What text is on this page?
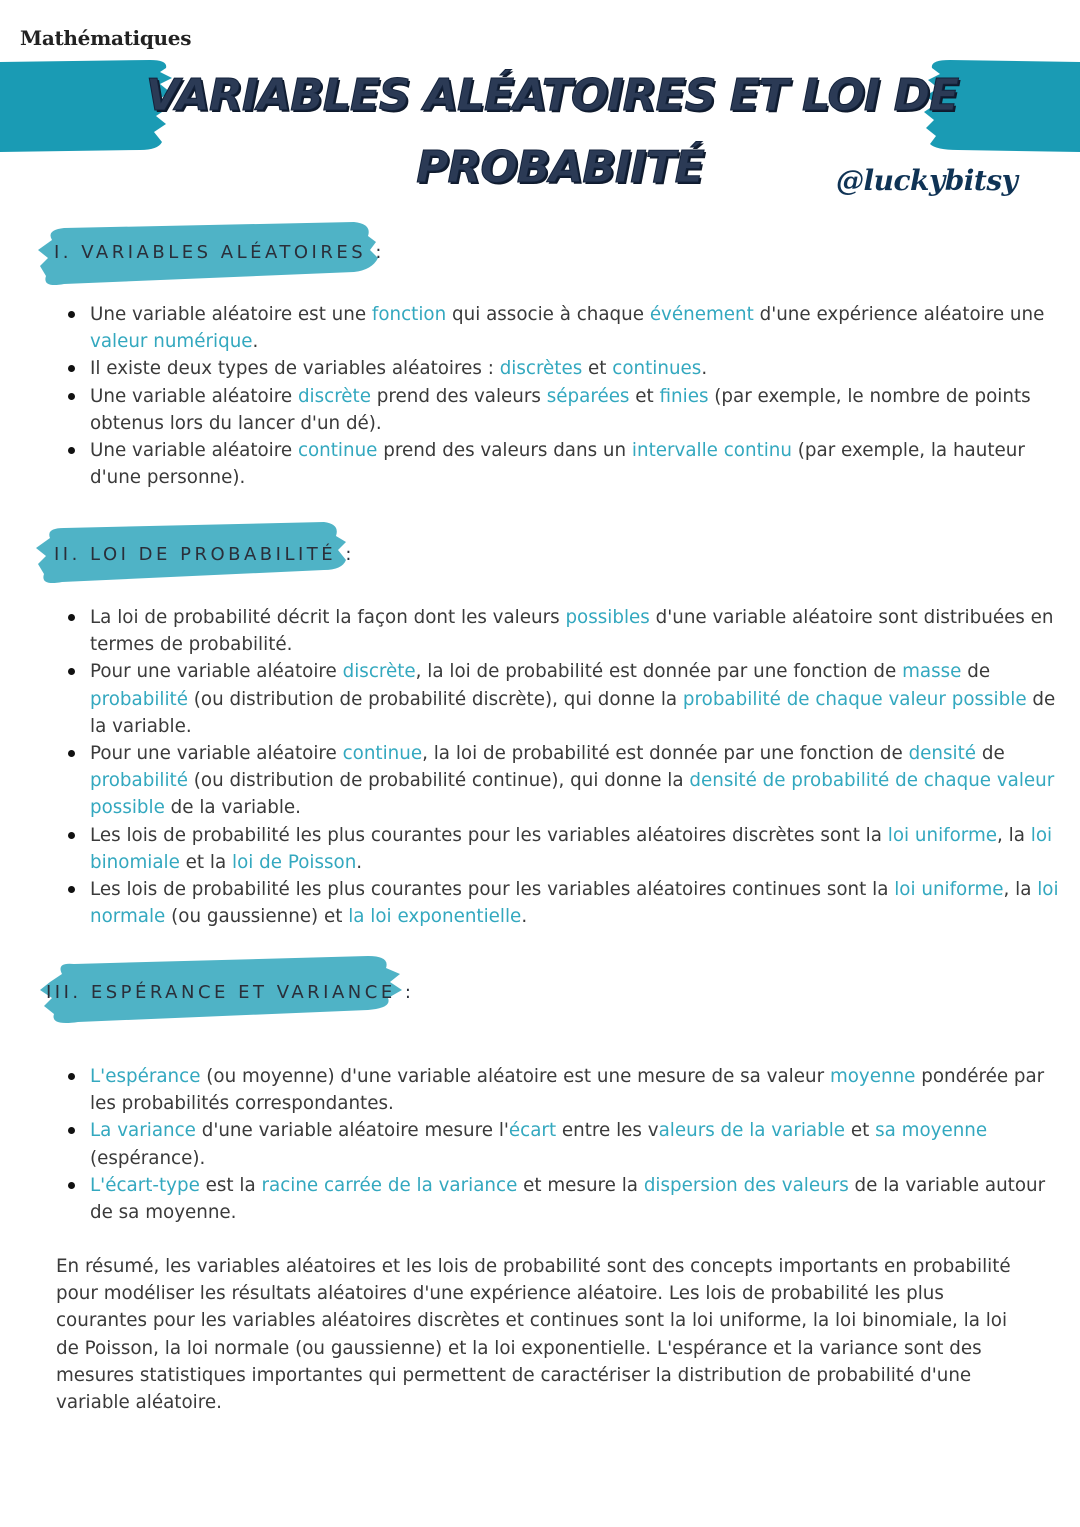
Mathématiques
VARIABLES ALÉATOIRES ET LOI DE
PROBABIITÉ	@luckybitsy
I. VARIABLES ALÉATOIRES :
Une variable aléatoire est une fonction qui associe à chaque événement d'une expérience aléatoire une valeur numérique.
Il existe deux types de variables aléatoires : discrètes et continues.
Une variable aléatoire discrète prend des valeurs séparées et finies (par exemple, le nombre de points obtenus lors du lancer d'un dé).
Une variable aléatoire continue prend des valeurs dans un intervalle continu (par exemple, la hauteur d'une personne).
II. LOI DE PROBABILITÉ :
La loi de probabilité décrit la façon dont les valeurs possibles d'une variable aléatoire sont distribuées en termes de probabilité.
Pour une variable aléatoire discrète, la loi de probabilité est donnée par une fonction de masse de probabilité (ou distribution de probabilité discrète), qui donne la probabilité de chaque valeur possible de la variable.
Pour une variable aléatoire continue, la loi de probabilité est donnée par une fonction de densité de probabilité (ou distribution de probabilité continue), qui donne la densité de probabilité de chaque valeur possible de la variable.
Les lois de probabilité les plus courantes pour les variables aléatoires discrètes sont la loi uniforme, la loi binomiale et la loi de Poisson.
Les lois de probabilité les plus courantes pour les variables aléatoires continues sont la loi uniforme, la loi normale (ou gaussienne) et la loi exponentielle.
III. ESPÉRANCE ET VARIANCE :
L'espérance (ou moyenne) d'une variable aléatoire est une mesure de sa valeur moyenne pondérée par les probabilités correspondantes.
La variance d'une variable aléatoire mesure l'écart entre les valeurs de la variable et sa moyenne (espérance).
L'écart-type est la racine carrée de la variance et mesure la dispersion des valeurs de la variable autour de sa moyenne.

En résumé, les variables aléatoires et les lois de probabilité sont des concepts importants en probabilité pour modéliser les résultats aléatoires d'une expérience aléatoire. Les lois de probabilité les plus courantes pour les variables aléatoires discrètes et continues sont la loi uniforme, la loi binomiale, la loi de Poisson, la loi normale (ou gaussienne) et la loi exponentielle. L'espérance et la variance sont des mesures statistiques importantes qui permettent de caractériser la distribution de probabilité d'une variable aléatoire.
